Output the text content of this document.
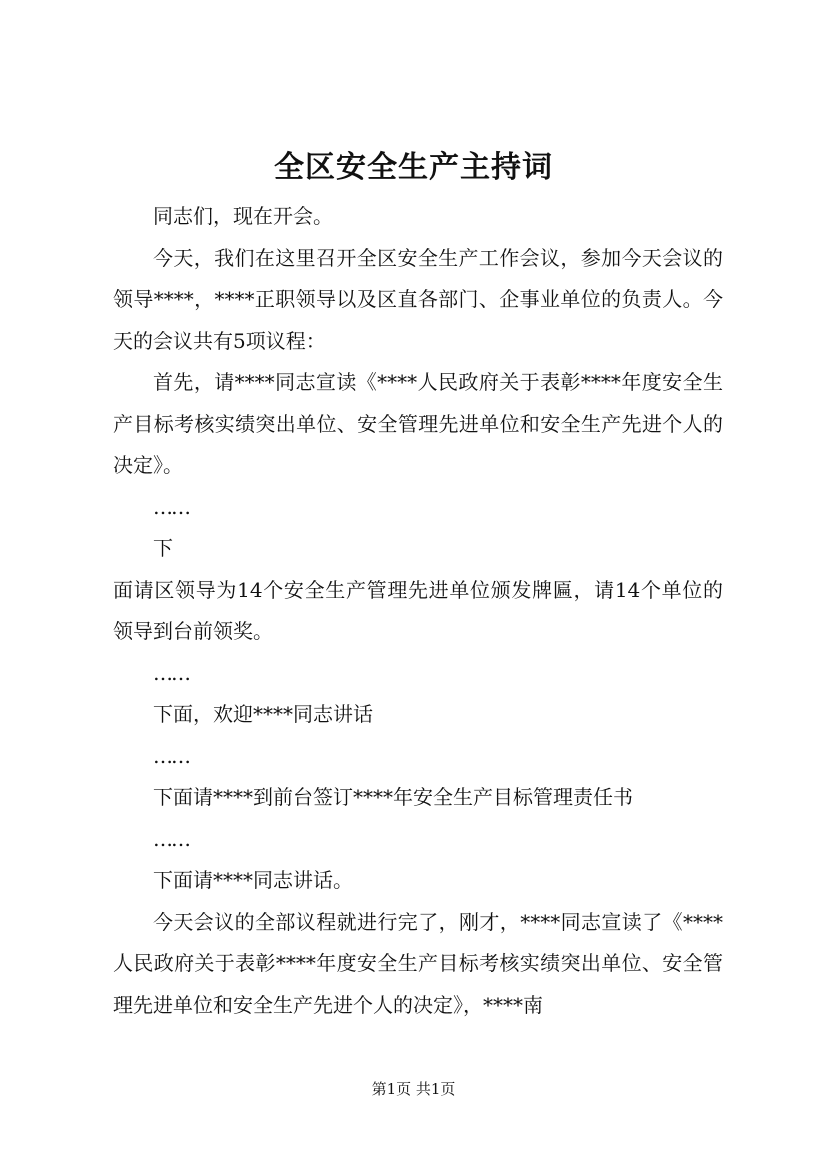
全区安全生产主持词

同志们，现在开会。

今天，我们在这里召开全区安全生产工作会议，参加今天会议的领导****，****正职领导以及区直各部门、企事业单位的负责人。今天的会议共有5项议程：

首先，请****同志宣读《****人民政府关于表彰****年度安全生产目标考核实绩突出单位、安全管理先进单位和安全生产先进个人的决定》。

……

下

面请区领导为14个安全生产管理先进单位颁发牌匾，请14个单位的领导到台前领奖。

……

下面，欢迎****同志讲话

……

下面请****到前台签订****年安全生产目标管理责任书

……

下面请****同志讲话。

今天会议的全部议程就进行完了，刚才，****同志宣读了《****人民政府关于表彰****年度安全生产目标考核实绩突出单位、安全管理先进单位和安全生产先进个人的决定》，****南

第1页 共1页
